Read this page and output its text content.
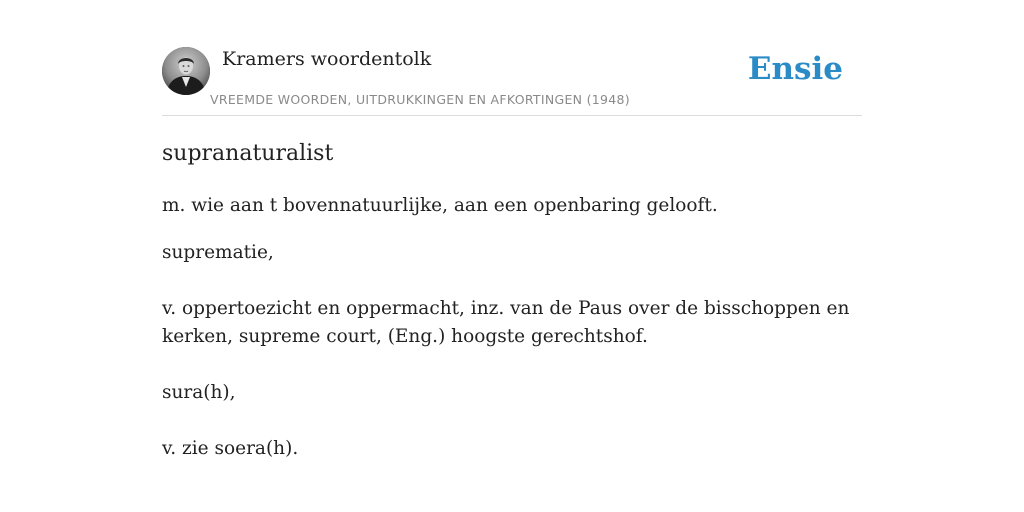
Kramers woordentolk
VREEMDE WOORDEN, UITDRUKKINGEN EN AFKORTINGEN (1948)
Ensie
supranaturalist

m. wie aan t bovennatuurlijke, aan een openbaring gelooft.

suprematie,

v. oppertoezicht en oppermacht, inz. van de Paus over de bisschoppen en kerken, supreme court, (Eng.) hoogste gerechtshof.

sura(h),

v. zie soera(h).
